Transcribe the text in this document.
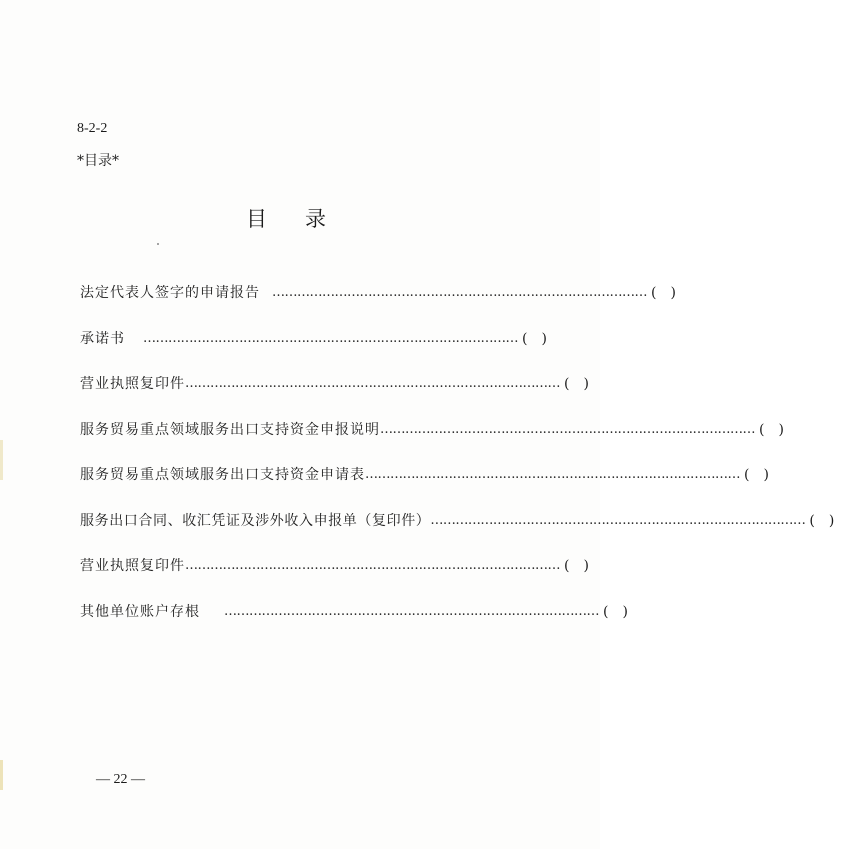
8-2-2
*目录*
目录
法定代表人签字的申请报告 ……………………………………………………………………………… ()
承诺书 ……………………………………………………………………………… ()
营业执照复印件 ……………………………………………………………………………… ()
服务贸易重点领域服务出口支持资金申报说明 ……………………………………………………………………………… ()
服务贸易重点领域服务出口支持资金申请表 ……………………………………………………………………………… ()
服务出口合同、收汇凭证及涉外收入申报单（复印件） ……………………………………………………………………………… ()
营业执照复印件 ……………………………………………………………………………… ()
其他单位账户存根 ……………………………………………………………………………… ()
— 22 —
